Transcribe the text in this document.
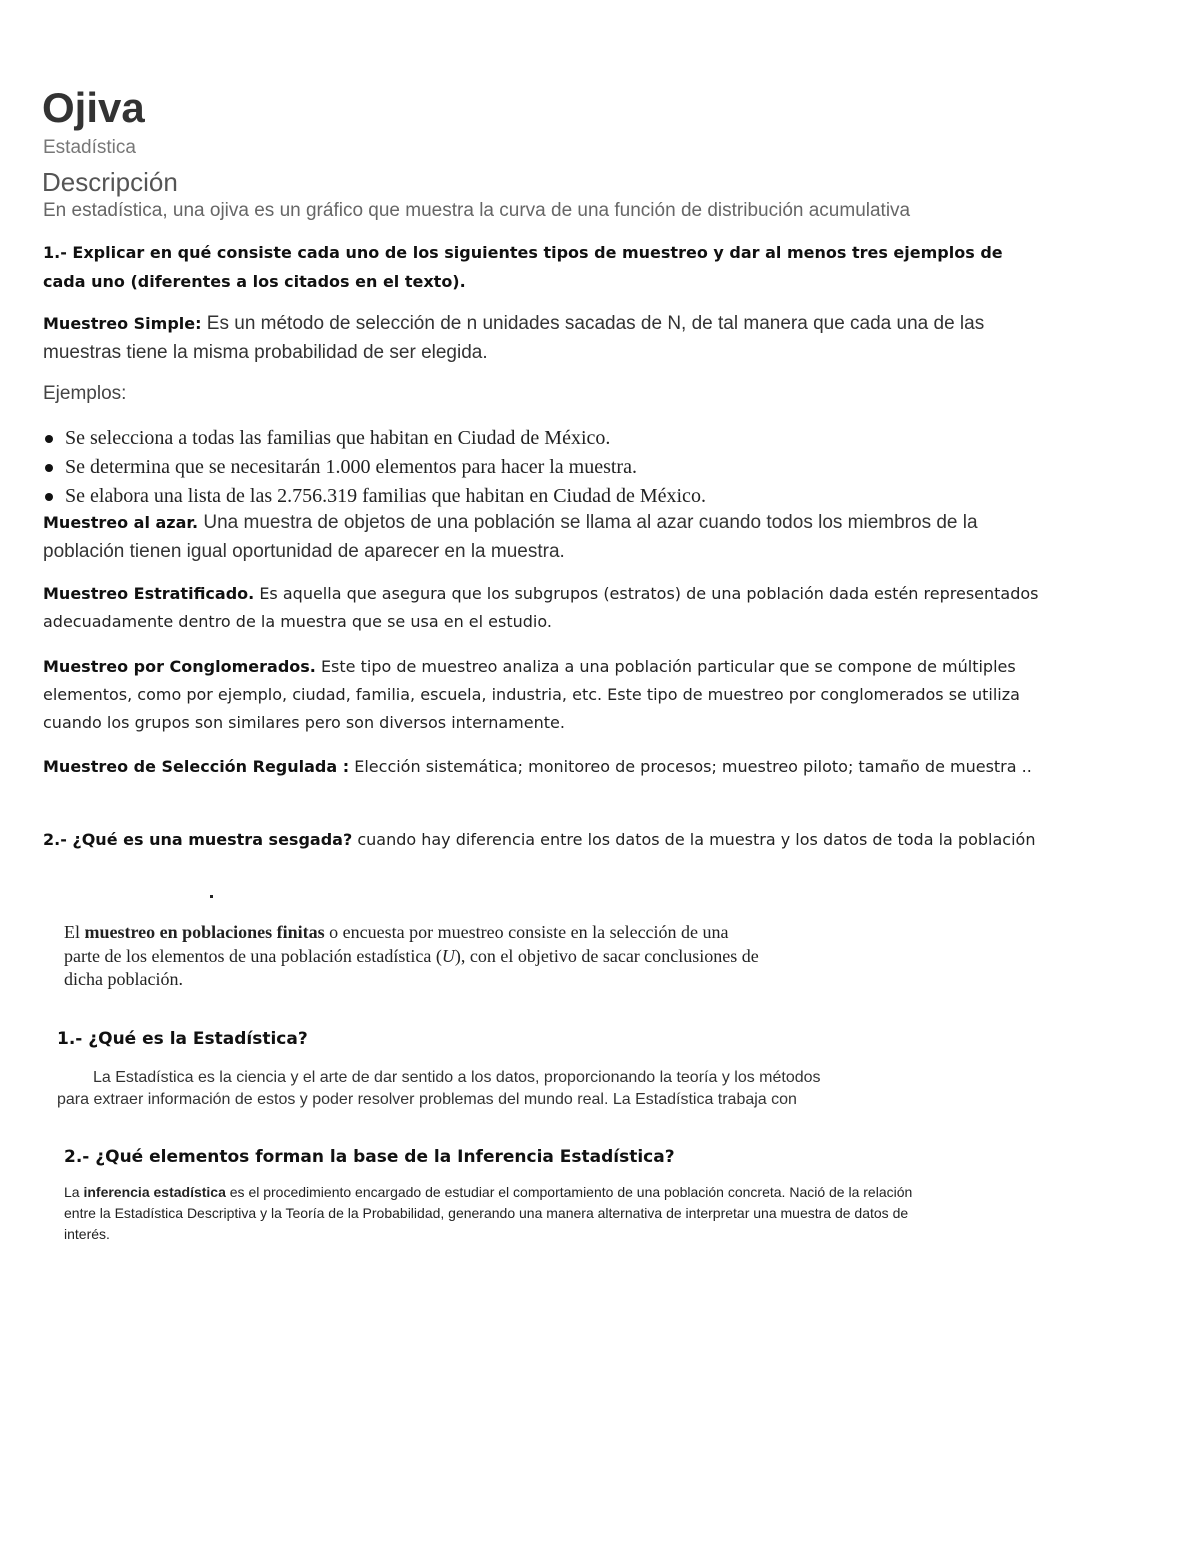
Ojiva
Estadística
Descripción
En estadística, una ojiva es un gráfico que muestra la curva de una función de distribución acumulativa

1.- Explicar en qué consiste cada uno de los siguientes tipos de muestreo y dar al menos tres ejemplos de cada uno (diferentes a los citados en el texto).

Muestreo Simple: Es un método de selección de n unidades sacadas de N, de tal manera que cada una de las muestras tiene la misma probabilidad de ser elegida.

Ejemplos:
Se selecciona a todas las familias que habitan en Ciudad de México.
Se determina que se necesitarán 1.000 elementos para hacer la muestra.
Se elabora una lista de las 2.756.319 familias que habitan en Ciudad de México.

Muestreo al azar. Una muestra de objetos de una población se llama al azar cuando todos los miembros de la población tienen igual oportunidad de aparecer en la muestra.

Muestreo Estratificado. Es aquella que asegura que los subgrupos (estratos) de una población dada estén representados adecuadamente dentro de la muestra que se usa en el estudio.

Muestreo por Conglomerados. Este tipo de muestreo analiza a una población particular que se compone de múltiples elementos, como por ejemplo, ciudad, familia, escuela, industria, etc. Este tipo de muestreo por conglomerados se utiliza cuando los grupos son similares pero son diversos internamente.

Muestreo de Selección Regulada : Elección sistemática; monitoreo de procesos; muestreo piloto; tamaño de muestra ..

2.- ¿Qué es una muestra sesgada? cuando hay diferencia entre los datos de la muestra y los datos de toda la población

El muestreo en poblaciones finitas o encuesta por muestreo consiste en la selección de una parte de los elementos de una población estadística (U), con el objetivo de sacar conclusiones de dicha población.

1.- ¿Qué es la Estadística?
La Estadística es la ciencia y el arte de dar sentido a los datos, proporcionando la teoría y los métodos
para extraer información de estos y poder resolver problemas del mundo real. La Estadística trabaja con
2.- ¿Qué elementos forman la base de la Inferencia Estadística?

La inferencia estadística es el procedimiento encargado de estudiar el comportamiento de una población concreta. Nació de la relación entre la Estadística Descriptiva y la Teoría de la Probabilidad, generando una manera alternativa de interpretar una muestra de datos de interés.
